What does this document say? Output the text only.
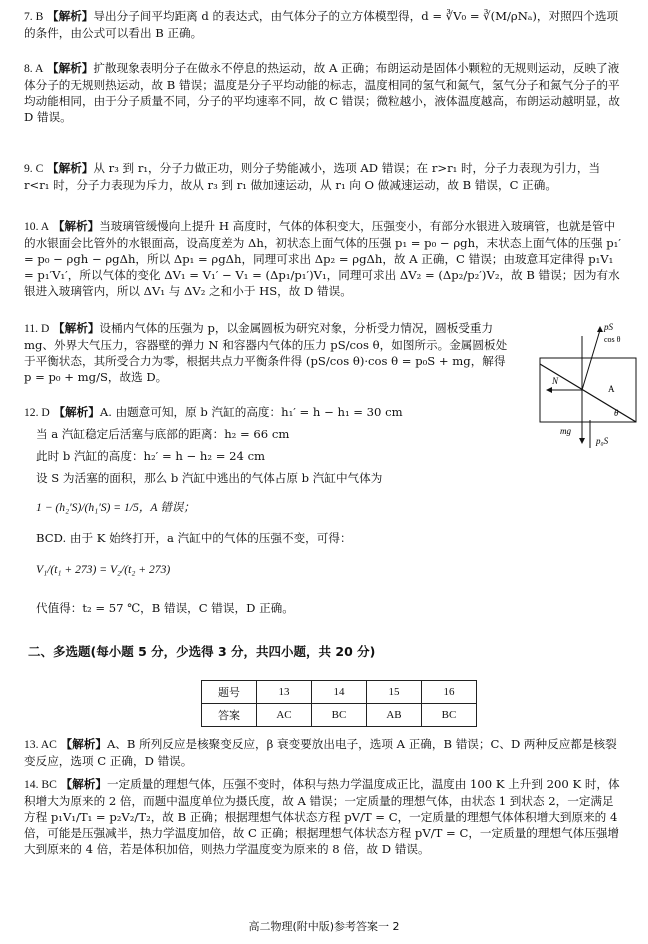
7. B 【解析】导出分子间平均距离 d 的表达式，由气体分子的立方体模型得，d = ∛V₀ = ∛(M/ρNₐ)，对照四个选项的条件，由公式可以看出 B 正确。
8. A 【解析】扩散现象表明分子在做永不停息的热运动，故 A 正确；布朗运动是固体小颗粒的无规则运动，反映了液体分子的无规则热运动，故 B 错误；温度是分子平均动能的标志，温度相同的氢气和氮气，氢气分子和氮气分子的平均动能相同，由于分子质量不同，分子的平均速率不同，故 C 错误；微粒越小，液体温度越高，布朗运动越明显，故 D 错误。
9. C 【解析】从 r₃ 到 r₁，分子力做正功，则分子势能减小，选项 AD 错误；在 r>r₁ 时，分子力表现为引力，当 r<r₁ 时，分子力表现为斥力，故从 r₃ 到 r₁ 做加速运动，从 r₁ 向 O 做减速运动，故 B 错误，C 正确。
10. A 【解析】当玻璃管缓慢向上提升 H 高度时，气体的体积变大，压强变小，有部分水银进入玻璃管，也就是管中的水银面会比管外的水银面高，设高度差为 Δh，初状态上面气体的压强 p₁ = p₀ − ρgh，末状态上面气体的压强 p₁′ = p₀ − ρgh − ρgΔh，所以 Δp₁ = ρgΔh，同理可求出 Δp₂ = ρgΔh，故 A 正确，C 错误；由玻意耳定律得 p₁V₁ = p₁′V₁′，所以气体的变化 ΔV₁ = V₁′ − V₁ = (Δp₁/p₁′)V₁，同理可求出 ΔV₂ = (Δp₂/p₂′)V₂，故 B 错误；因为有水银进入玻璃管内，所以 ΔV₁ 与 ΔV₂ 之和小于 HS，故 D 错误。
11. D 【解析】设桶内气体的压强为 p，以金属圆板为研究对象，分析受力情况，圆板受重力 mg、外界大气压力，容器壁的弹力 N 和容器内气体的压力 pS/cos θ，如图所示。金属圆板处于平衡状态，其所受合力为零，根据共点力平衡条件得 (pS/cos θ)·cos θ = p₀S + mg，解得 p = p₀ + mg/S，故选 D。
pS
cos θ
N
A
θ
mg
p₀S
12. D 【解析】A. 由题意可知，原 b 汽缸的高度：h₁′ = h − h₁ = 30 cm
当 a 汽缸稳定后活塞与底部的距离：h₂ = 66 cm
此时 b 汽缸的高度：h₂′ = h − h₂ = 24 cm
设 S 为活塞的面积，那么 b 汽缸中逃出的气体占原 b 汽缸中气体为
1 − (h₂′S)/(h₁′S) = 1/5，A 错误；
BCD. 由于 K 始终打开，a 汽缸中的气体的压强不变，可得：
V₁/(t₁ + 273) = V₂/(t₂ + 273)
代值得：t₂ = 57 ℃，B 错误，C 错误，D 正确。
二、多选题(每小题 5 分，少选得 3 分，共四小题，共 20 分)
题号	13	14	15	16
答案	AC	BC	AB	BC
13. AC 【解析】A、B 所列反应是核聚变反应，β 衰变要放出电子，选项 A 正确，B 错误；C、D 两种反应都是核裂变反应，选项 C 正确，D 错误。
14. BC 【解析】一定质量的理想气体，压强不变时，体积与热力学温度成正比，温度由 100 K 上升到 200 K 时，体积增大为原来的 2 倍，而题中温度单位为摄氏度，故 A 错误；一定质量的理想气体，由状态 1 到状态 2，一定满足方程 p₁V₁/T₁ = p₂V₂/T₂，故 B 正确；根据理想气体状态方程 pV/T = C，一定质量的理想气体体积增大到原来的 4 倍，可能是压强减半，热力学温度加倍，故 C 正确；根据理想气体状态方程 pV/T = C，一定质量的理想气体压强增大到原来的 4 倍，若是体积加倍，则热力学温度变为原来的 8 倍，故 D 错误。
高二物理(附中版)参考答案一 2
